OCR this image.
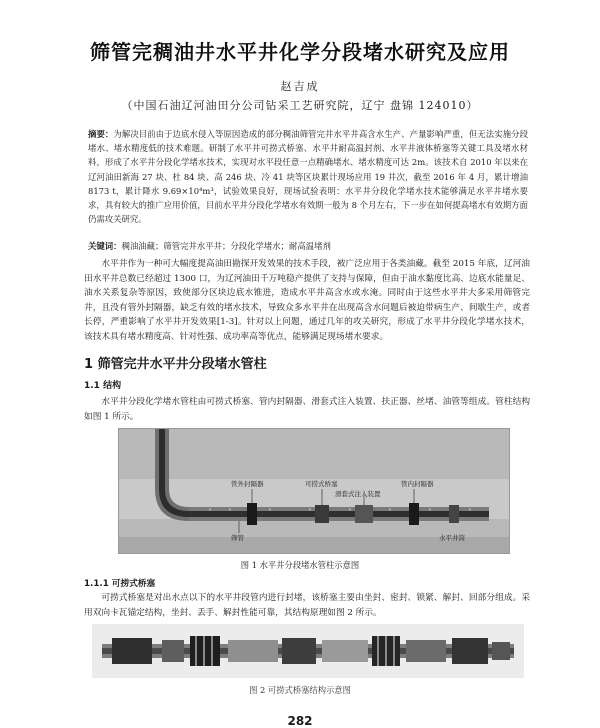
筛管完稠油井水平井化学分段堵水研究及应用
赵吉成
（中国石油辽河油田分公司钻采工艺研究院，辽宁 盘锦 124010）
摘要：为解决目前由于边底水侵入等原因造成的部分稠油筛管完井水平井高含水生产、产量影响严重，但无法实施分段堵水、堵水精度低的技术难题。研制了水平井可捞式桥塞、水平井耐高温封剂、水平井液体桥塞等关键工具及堵水材料，形成了水平井分段化学堵水技术，实现对水平段任意一点精确堵水、堵水精度可达 2m。该技术自 2010 年以来在辽河油田新海 27 块、杜 84 块、高 246 块、冷 41 块等区块累计现场应用 19 井次，截至 2016 年 4 月，累计增油 8173 t，累计降水 9.69×10⁴m³，试验效果良好，现场试验表明：水平井分段化学堵水技术能够满足水平井堵水要求，具有较大的推广应用价值，目前水平井分段化学堵水有效期一般为 8 个月左右，下一步在如何提高堵水有效期方面仍需攻关研究。
关键词：稠油油藏；筛管完井水平井；分段化学堵水；耐高温堵剂
水平井作为一种可大幅度提高油田勘探开发效果的技术手段，被广泛应用于各类油藏。截至 2015 年底，辽河油田水平井总数已经超过 1300 口，为辽河油田千万吨稳产提供了支持与保障，但由于油水黏度比高、边底水能量足、油水关系复杂等原因，致使部分区块边底水锥进，造成水平井高含水或水淹。同时由于这些水平井大多采用筛管完井，且没有管外封隔器，缺乏有效的堵水技术，导致众多水平井在出现高含水问题后被迫带病生产、间歇生产，或者长停，严重影响了水平井开发效果[1-3]。针对以上问题，通过几年的攻关研究，形成了水平井分段化学堵水技术，该技术具有堵水精度高、针对性强、成功率高等优点，能够满足现场堵水要求。
1 筛管完井水平井分段堵水管柱
1.1 结构
水平井分段化学堵水管柱由可捞式桥塞、管内封隔器、滑套式注入装置、扶正器、丝堵、油管等组成。管柱结构如图 1 所示。
管外封隔器	可捞式桥塞
滑套式注入装置
管内封隔器
筛管	水平井筒
图 1 水平井分段堵水管柱示意图
1.1.1 可捞式桥塞
可捞式桥塞是对出水点以下的水平井段管内进行封堵，该桥塞主要由坐封、密封、锁紧、解封、回部分组成。采用双向卡瓦锚定结构，坐封、丢手、解封性能可靠，其结构原理如图 2 所示。
图 2 可捞式桥塞结构示意图
282
